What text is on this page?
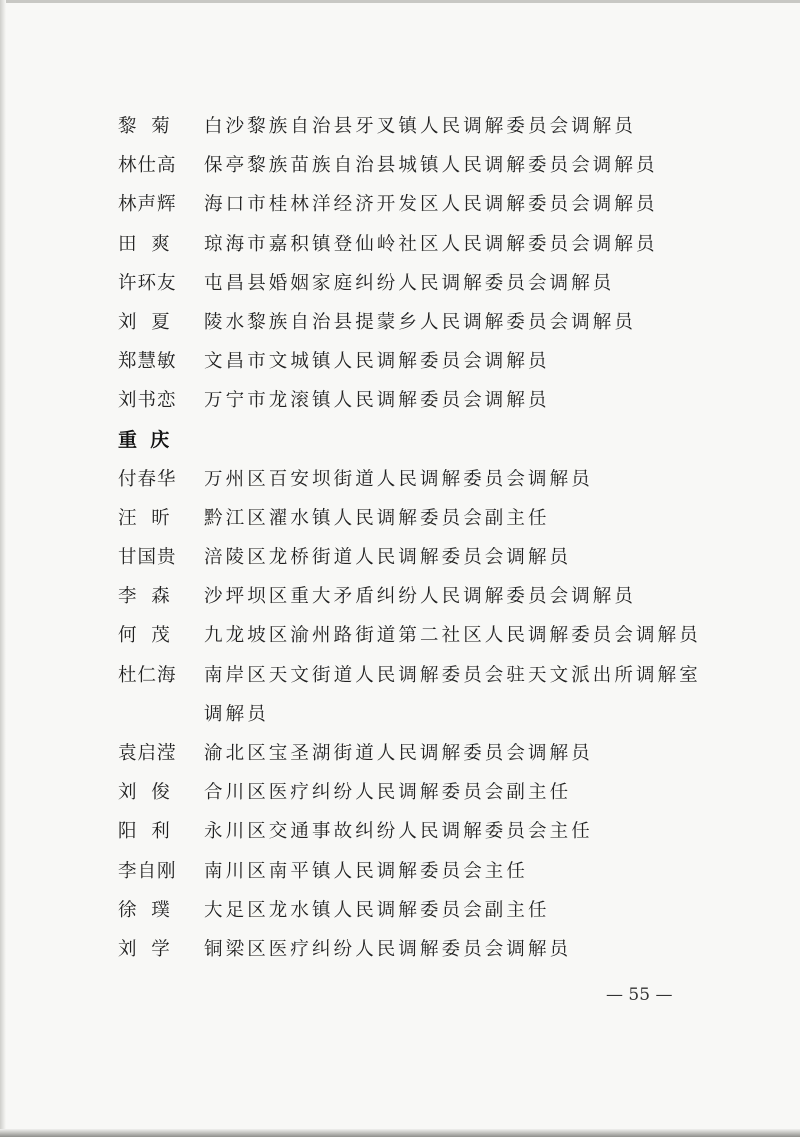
黎  菊	白沙黎族自治县牙叉镇人民调解委员会调解员
林仕高	保亭黎族苗族自治县城镇人民调解委员会调解员
林声辉	海口市桂林洋经济开发区人民调解委员会调解员
田  爽	琼海市嘉积镇登仙岭社区人民调解委员会调解员
许环友	屯昌县婚姻家庭纠纷人民调解委员会调解员
刘  夏	陵水黎族自治县提蒙乡人民调解委员会调解员
郑慧敏	文昌市文城镇人民调解委员会调解员
刘书恋	万宁市龙滚镇人民调解委员会调解员
重  庆
付春华	万州区百安坝街道人民调解委员会调解员
汪  昕	黔江区濯水镇人民调解委员会副主任
甘国贵	涪陵区龙桥街道人民调解委员会调解员
李  森	沙坪坝区重大矛盾纠纷人民调解委员会调解员
何  茂	九龙坡区渝州路街道第二社区人民调解委员会调解员
杜仁海	南岸区天文街道人民调解委员会驻天文派出所调解室调解员
袁启滢	渝北区宝圣湖街道人民调解委员会调解员
刘  俊	合川区医疗纠纷人民调解委员会副主任
阳  利	永川区交通事故纠纷人民调解委员会主任
李自刚	南川区南平镇人民调解委员会主任
徐  璞	大足区龙水镇人民调解委员会副主任
刘  学	铜梁区医疗纠纷人民调解委员会调解员
— 55 —
